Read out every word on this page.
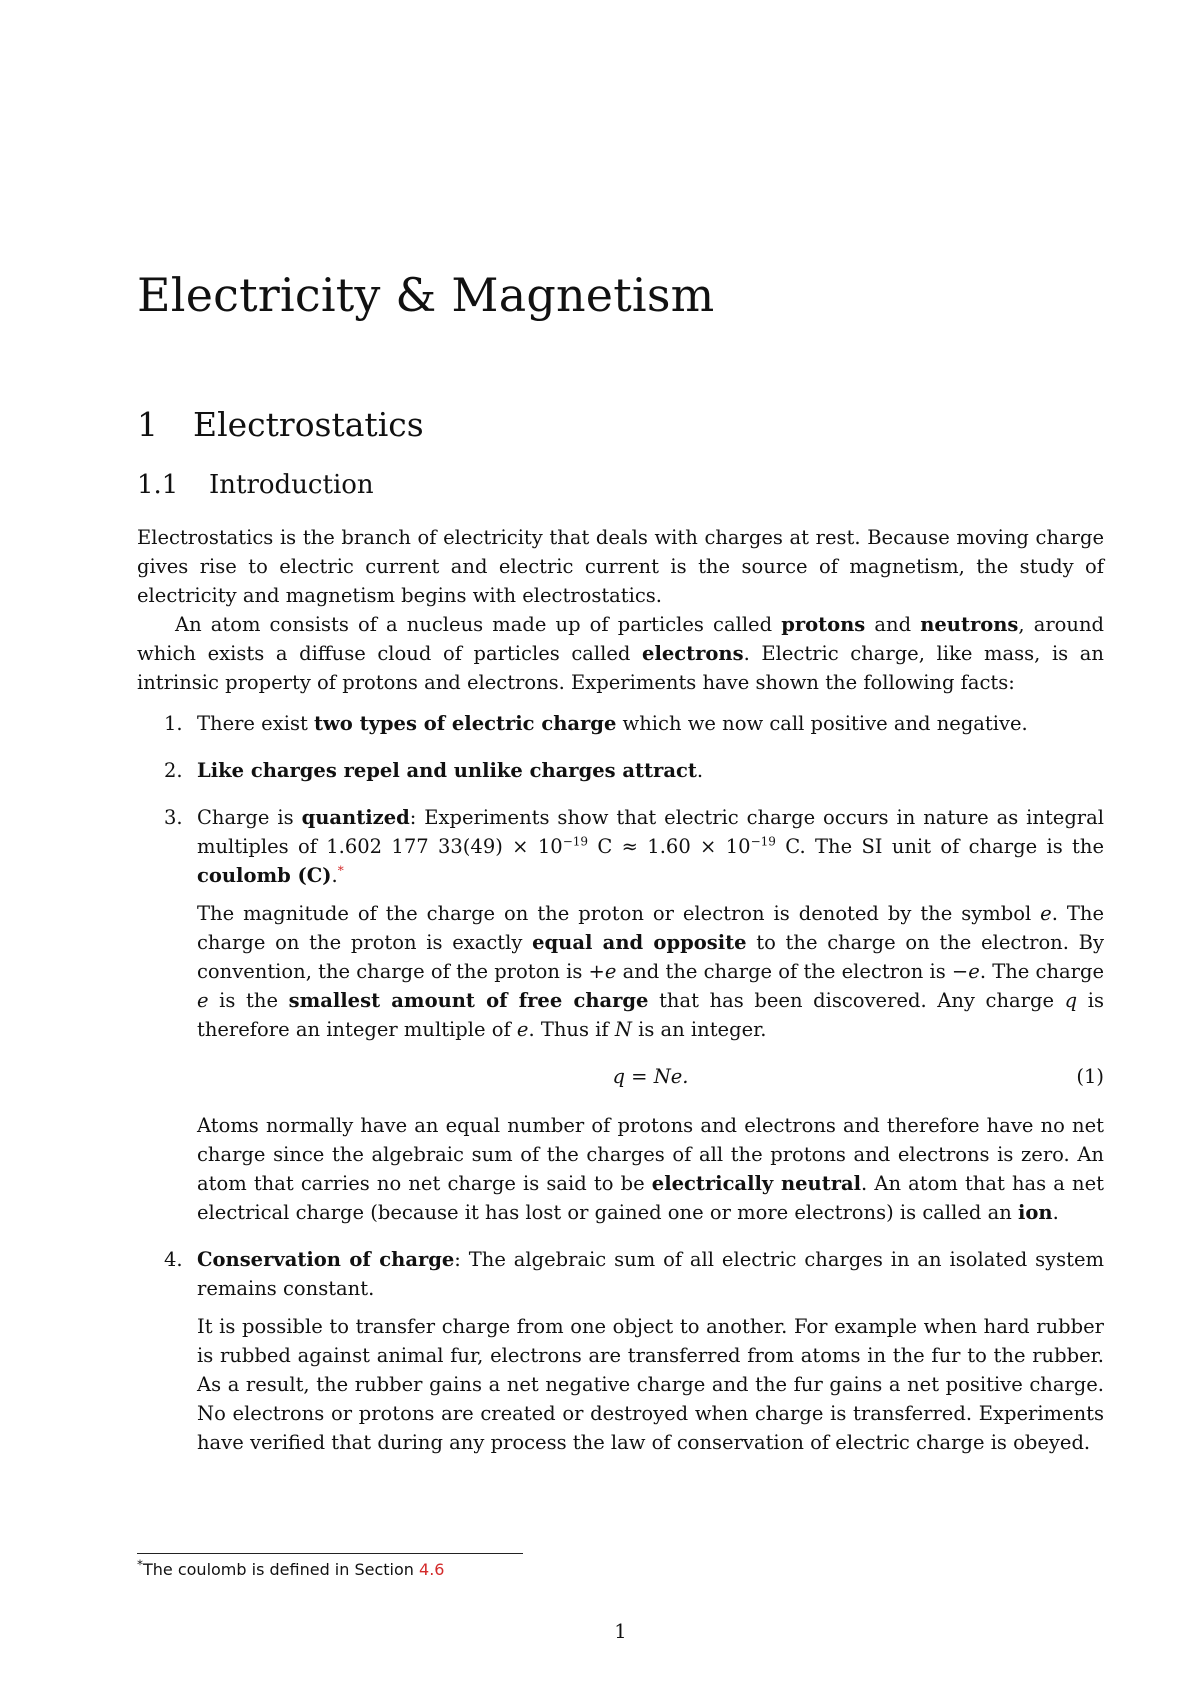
Electricity & Magnetism
1 Electrostatics
1.1 Introduction

Electrostatics is the branch of electricity that deals with charges at rest. Because moving charge gives rise to electric current and electric current is the source of magnetism, the study of electricity and magnetism begins with electrostatics.

An atom consists of a nucleus made up of particles called protons and neutrons, around which exists a diffuse cloud of particles called electrons. Electric charge, like mass, is an intrinsic property of protons and electrons. Experiments have shown the following facts:

1. There exist two types of electric charge which we now call positive and negative.

2. Like charges repel and unlike charges attract.

3. Charge is quantized: Experiments show that electric charge occurs in nature as integral multiples of 1.602 177 $33(49) \times 10^{-19}$ $C \approx 1.60 \times 10^{-19}$ C. The SI unit of charge is the coulomb (C).*

The magnitude of the charge on the proton or electron is denoted by the symbol e. The charge on the proton is exactly equal and opposite to the charge on the electron. By convention, the charge of the proton is +e and the charge of the electron is −e. The charge e is the smallest amount of free charge that has been discovered. Any charge q is therefore an integer multiple of e. Thus if N is an integer.

q = Ne.	(1)

Atoms normally have an equal number of protons and electrons and therefore have no net charge since the algebraic sum of the charges of all the protons and electrons is zero. An atom that carries no net charge is said to be electrically neutral. An atom that has a net electrical charge (because it has lost or gained one or more electrons) is called an ion.

4. Conservation of charge: The algebraic sum of all electric charges in an isolated system remains constant.

It is possible to transfer charge from one object to another. For example when hard rubber is rubbed against animal fur, electrons are transferred from atoms in the fur to the rubber. As a result, the rubber gains a net negative charge and the fur gains a net positive charge. No electrons or protons are created or destroyed when charge is transferred. Experiments have verified that during any process the law of conservation of electric charge is obeyed.

*The coulomb is defined in Section 4.6
1
